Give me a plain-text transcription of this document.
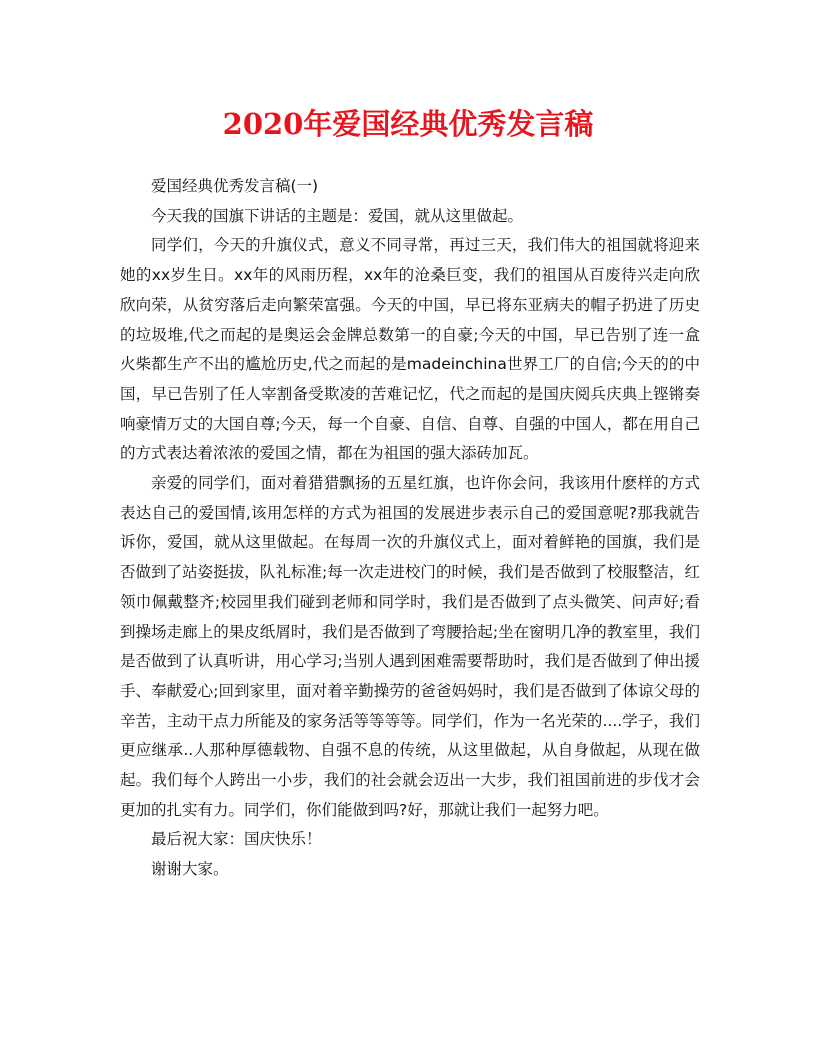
2020年爱国经典优秀发言稿

爱国经典优秀发言稿(一)

今天我的国旗下讲话的主题是：爱国，就从这里做起。

同学们，今天的升旗仪式，意义不同寻常，再过三天，我们伟大的祖国就将迎来她的xx岁生日。xx年的风雨历程，xx年的沧桑巨变，我们的祖国从百废待兴走向欣欣向荣，从贫穷落后走向繁荣富强。今天的中国，早已将东亚病夫的帽子扔进了历史的垃圾堆,代之而起的是奥运会金牌总数第一的自豪;今天的中国，早已告别了连一盒火柴都生产不出的尴尬历史,代之而起的是madeinchina世界工厂的自信;今天的的中国，早已告别了任人宰割备受欺凌的苦难记忆，代之而起的是国庆阅兵庆典上铿锵奏响豪情万丈的大国自尊;今天，每一个自豪、自信、自尊、自强的中国人，都在用自己的方式表达着浓浓的爱国之情，都在为祖国的强大添砖加瓦。

亲爱的同学们，面对着猎猎飘扬的五星红旗，也许你会问，我该用什麽样的方式表达自己的爱国情,该用怎样的方式为祖国的发展进步表示自己的爱国意呢?那我就告诉你，爱国，就从这里做起。在每周一次的升旗仪式上，面对着鲜艳的国旗，我们是否做到了站姿挺拔，队礼标准;每一次走进校门的时候，我们是否做到了校服整洁，红领巾佩戴整齐;校园里我们碰到老师和同学时，我们是否做到了点头微笑、问声好;看到操场走廊上的果皮纸屑时，我们是否做到了弯腰拾起;坐在窗明几净的教室里，我们是否做到了认真听讲，用心学习;当别人遇到困难需要帮助时，我们是否做到了伸出援手、奉献爱心;回到家里，面对着辛勤操劳的爸爸妈妈时，我们是否做到了体谅父母的辛苦，主动干点力所能及的家务活等等等等。同学们，作为一名光荣的....学子，我们更应继承..人那种厚德载物、自强不息的传统，从这里做起，从自身做起，从现在做起。我们每个人跨出一小步，我们的社会就会迈出一大步，我们祖国前进的步伐才会更加的扎实有力。同学们，你们能做到吗?好，那就让我们一起努力吧。

最后祝大家：国庆快乐！

谢谢大家。
